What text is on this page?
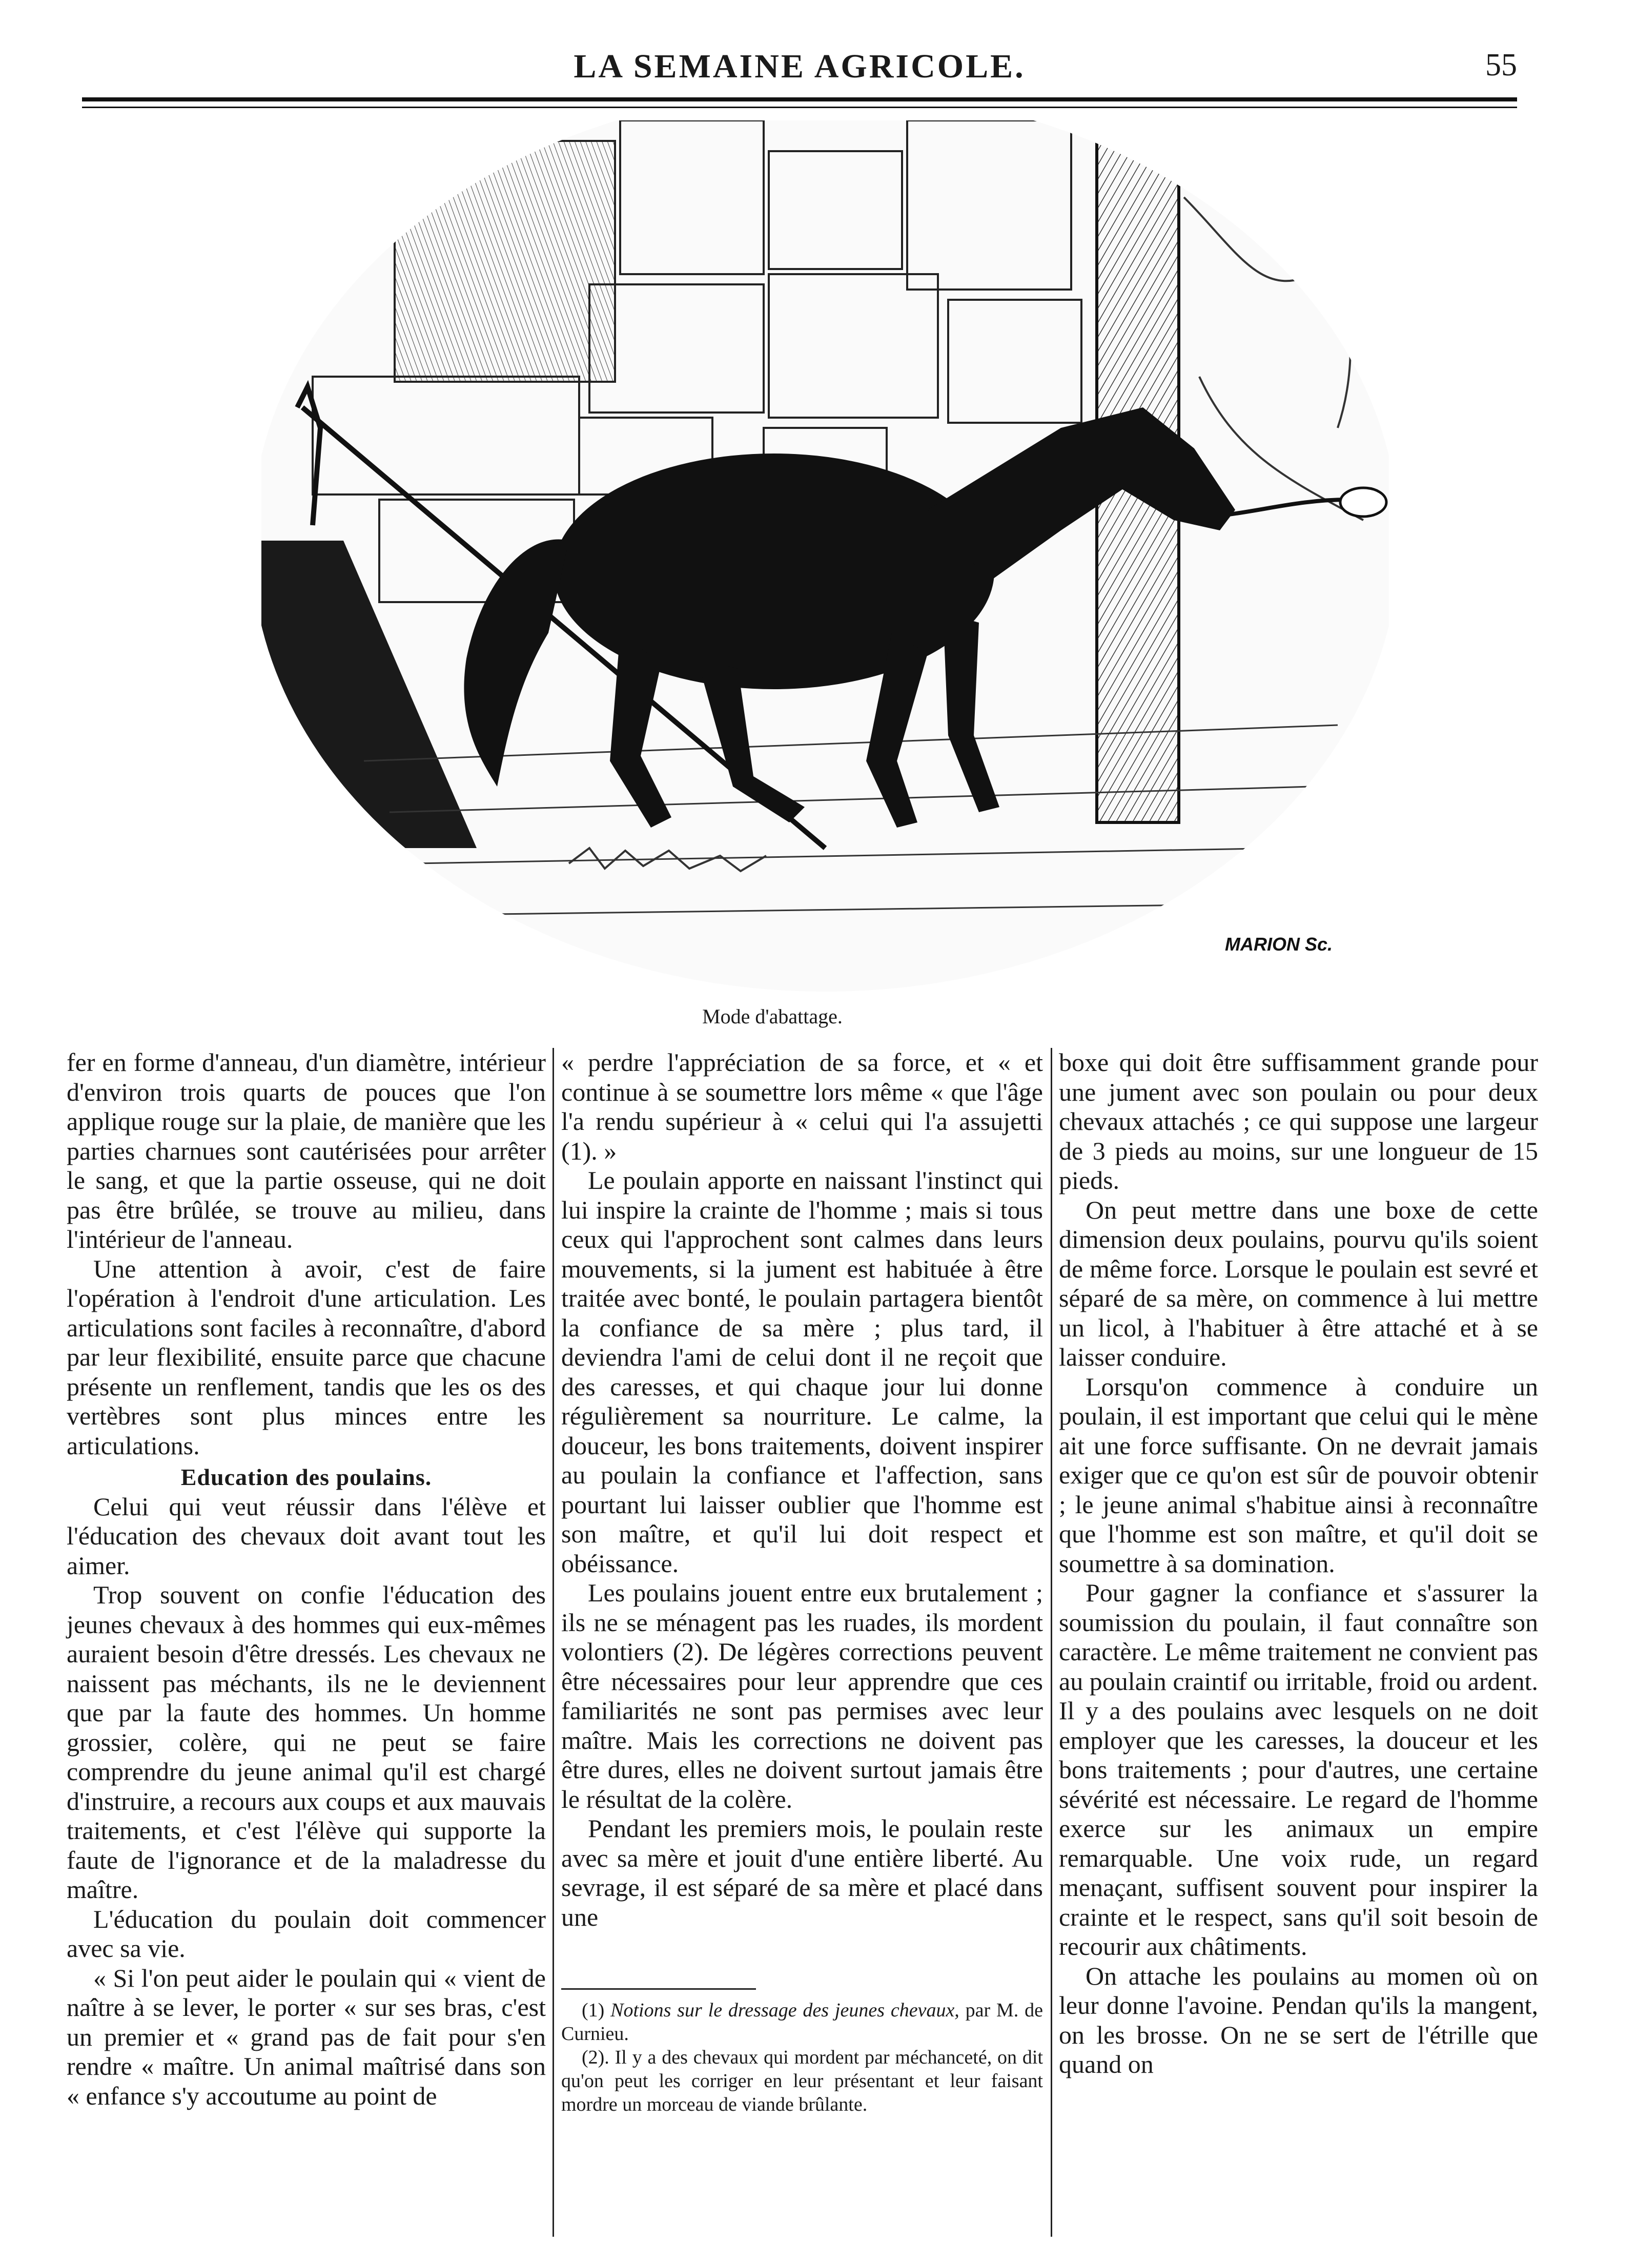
LA SEMAINE AGRICOLE.	55
MARION Sc.
Mode d'abattage.

fer en forme d'anneau, d'un diamètre, intérieur d'environ trois quarts de pouces que l'on applique rouge sur la plaie, de manière que les parties charnues sont cautérisées pour arrêter le sang, et que la partie osseuse, qui ne doit pas être brûlée, se trouve au milieu, dans l'intérieur de l'anneau.

Une attention à avoir, c'est de faire l'opération à l'endroit d'une articulation. Les articulations sont faciles à reconnaître, d'abord par leur flexibilité, ensuite parce que chacune présente un renflement, tandis que les os des vertèbres sont plus minces entre les articulations.

Education des poulains.

Celui qui veut réussir dans l'élève et l'éducation des chevaux doit avant tout les aimer.

Trop souvent on confie l'éducation des jeunes chevaux à des hommes qui eux-mêmes auraient besoin d'être dressés. Les chevaux ne naissent pas méchants, ils ne le deviennent que par la faute des hommes. Un homme grossier, colère, qui ne peut se faire comprendre du jeune animal qu'il est chargé d'instruire, a recours aux coups et aux mauvais traitements, et c'est l'élève qui supporte la faute de l'ignorance et de la maladresse du maître.

L'éducation du poulain doit commencer avec sa vie.

« Si l'on peut aider le poulain qui « vient de naître à se lever, le porter « sur ses bras, c'est un premier et « grand pas de fait pour s'en rendre « maître. Un animal maîtrisé dans son « enfance s'y accoutume au point de

« perdre l'appréciation de sa force, et « et continue à se soumettre lors même « que l'âge l'a rendu supérieur à « celui qui l'a assujetti (1). »

Le poulain apporte en naissant l'instinct qui lui inspire la crainte de l'homme ; mais si tous ceux qui l'approchent sont calmes dans leurs mouvements, si la jument est habituée à être traitée avec bonté, le poulain partagera bientôt la confiance de sa mère ; plus tard, il deviendra l'ami de celui dont il ne reçoit que des caresses, et qui chaque jour lui donne régulièrement sa nourriture. Le calme, la douceur, les bons traitements, doivent inspirer au poulain la confiance et l'affection, sans pourtant lui laisser oublier que l'homme est son maître, et qu'il lui doit respect et obéissance.

Les poulains jouent entre eux brutalement ; ils ne se ménagent pas les ruades, ils mordent volontiers (2). De légères corrections peuvent être nécessaires pour leur apprendre que ces familiarités ne sont pas permises avec leur maître. Mais les corrections ne doivent pas être dures, elles ne doivent surtout jamais être le résultat de la colère.

Pendant les premiers mois, le poulain reste avec sa mère et jouit d'une entière liberté. Au sevrage, il est séparé de sa mère et placé dans une

(1) Notions sur le dressage des jeunes chevaux, par M. de Curnieu.

(2). Il y a des chevaux qui mordent par méchanceté, on dit qu'on peut les corriger en leur présentant et leur faisant mordre un morceau de viande brûlante.

boxe qui doit être suffisamment grande pour une jument avec son poulain ou pour deux chevaux attachés ; ce qui suppose une largeur de 3 pieds au moins, sur une longueur de 15 pieds.

On peut mettre dans une boxe de cette dimension deux poulains, pourvu qu'ils soient de même force. Lorsque le poulain est sevré et séparé de sa mère, on commence à lui mettre un licol, à l'habituer à être attaché et à se laisser conduire.

Lorsqu'on commence à conduire un poulain, il est important que celui qui le mène ait une force suffisante. On ne devrait jamais exiger que ce qu'on est sûr de pouvoir obtenir ; le jeune animal s'habitue ainsi à reconnaître que l'homme est son maître, et qu'il doit se soumettre à sa domination.

Pour gagner la confiance et s'assurer la soumission du poulain, il faut connaître son caractère. Le même traitement ne convient pas au poulain craintif ou irritable, froid ou ardent. Il y a des poulains avec lesquels on ne doit employer que les caresses, la douceur et les bons traitements ; pour d'autres, une certaine sévérité est nécessaire. Le regard de l'homme exerce sur les animaux un empire remarquable. Une voix rude, un regard menaçant, suffisent souvent pour inspirer la crainte et le respect, sans qu'il soit besoin de recourir aux châtiments.

On attache les poulains au momen où on leur donne l'avoine. Pendan qu'ils la mangent, on les brosse. On ne se sert de l'étrille que quand on
